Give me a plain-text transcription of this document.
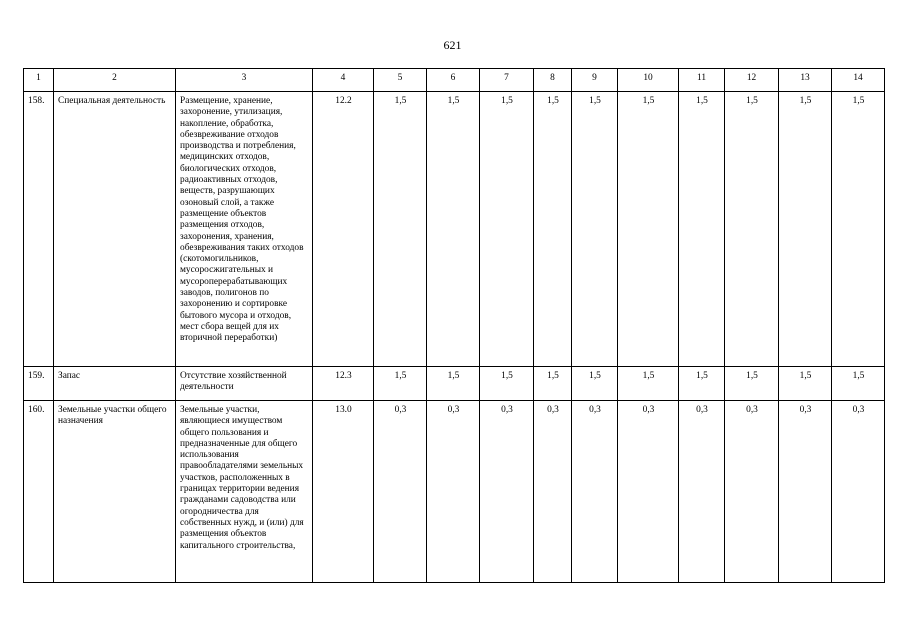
621
1	2	3	4	5	6	7	8	9	10	11	12	13	14
158.	Специальная деятельность	Размещение, хранение, захоронение, утилизация, накопление, обработка, обезвреживание отходов производства и потребления, медицинских отходов, биологических отходов, радиоактивных отходов, веществ, разрушающих озоновый слой, а также размещение объектов размещения отходов, захоронения, хранения, обезвреживания таких отходов (скотомогильников, мусоросжигательных и мусороперерабатывающих заводов, полигонов по захоронению и сортировке бытового мусора и отходов, мест сбора вещей для их вторичной переработки)	12.2	1,5	1,5	1,5	1,5	1,5	1,5	1,5	1,5	1,5	1,5
159.	Запас	Отсутствие хозяйственной деятельности	12.3	1,5	1,5	1,5	1,5	1,5	1,5	1,5	1,5	1,5	1,5
160.	Земельные участки общего назначения	Земельные участки, являющиеся имуществом общего пользования и предназначенные для общего использования правообладателями земельных участков, расположенных в границах территории ведения гражданами садоводства или огородничества для собственных нужд, и (или) для размещения объектов капитального строительства,	13.0	0,3	0,3	0,3	0,3	0,3	0,3	0,3	0,3	0,3	0,3
